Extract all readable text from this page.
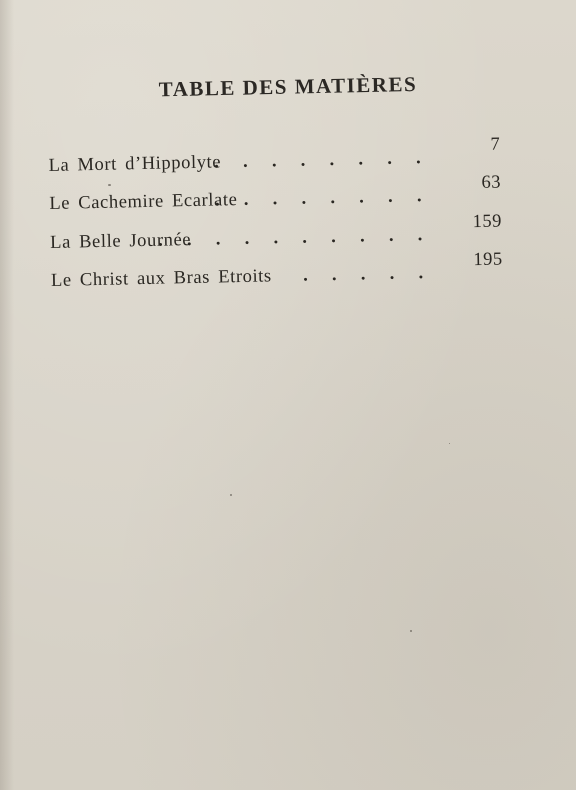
TABLE DES MATIÈRES
La Mort d’Hippolyte
. . . . . . . .
7
Le Cachemire Ecarlate
. . . . . . . .
63
La Belle Journée
. . . . . . . . . .
159
Le Christ aux Bras Etroits	. . . . .
195
